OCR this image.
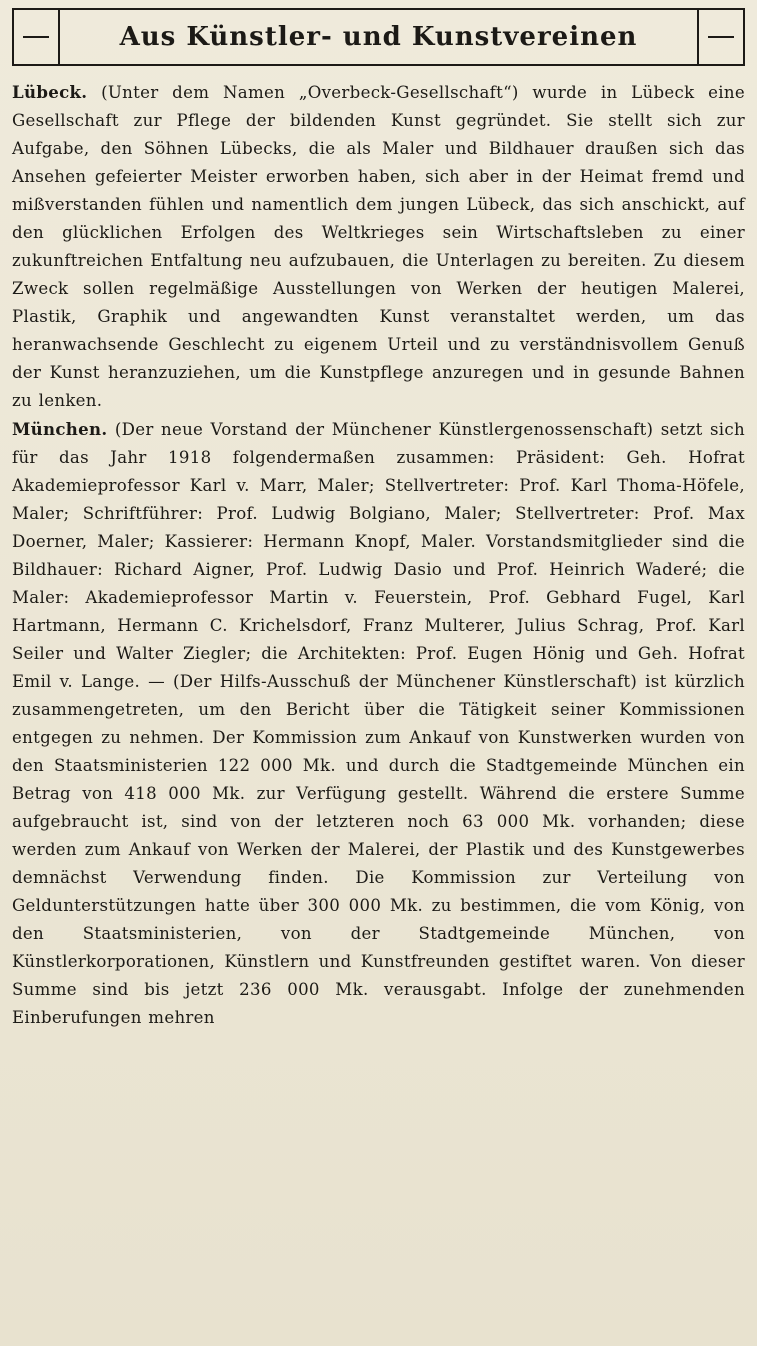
Aus Künstler- und Kunstvereinen

Lübeck. (Unter dem Namen „Overbeck-Gesellschaft“) wurde in Lübeck eine Gesellschaft zur Pflege der bildenden Kunst gegründet. Sie stellt sich zur Aufgabe, den Söhnen Lübecks, die als Maler und Bildhauer draußen sich das Ansehen gefeierter Meister erworben haben, sich aber in der Heimat fremd und mißverstanden fühlen und namentlich dem jungen Lübeck, das sich anschickt, auf den glücklichen Erfolgen des Weltkrieges sein Wirtschaftsleben zu einer zukunftreichen Entfaltung neu aufzubauen, die Unterlagen zu bereiten. Zu diesem Zweck sollen regelmäßige Ausstellungen von Werken der heutigen Malerei, Plastik, Graphik und angewandten Kunst veranstaltet werden, um das heranwachsende Geschlecht zu eigenem Urteil und zu verständnisvollem Genuß der Kunst heranzuziehen, um die Kunstpflege anzuregen und in gesunde Bahnen zu lenken.

München. (Der neue Vorstand der Münchener Künstlergenossenschaft) setzt sich für das Jahr 1918 folgendermaßen zusammen: Präsident: Geh. Hofrat Akademieprofessor Karl v. Marr, Maler; Stellvertreter: Prof. Karl Thoma-Höfele, Maler; Schriftführer: Prof. Ludwig Bolgiano, Maler; Stellvertreter: Prof. Max Doerner, Maler; Kassierer: Hermann Knopf, Maler. Vorstandsmitglieder sind die Bildhauer: Richard Aigner, Prof. Ludwig Dasio und Prof. Heinrich Waderé; die Maler: Akademieprofessor Martin v. Feuerstein, Prof. Gebhard Fugel, Karl Hartmann, Hermann C. Krichelsdorf, Franz Multerer, Julius Schrag, Prof. Karl Seiler und Walter Ziegler; die Architekten: Prof. Eugen Hönig und Geh. Hofrat Emil v. Lange. — (Der Hilfs-Ausschuß der Münchener Künstlerschaft) ist kürzlich zusammengetreten, um den Bericht über die Tätigkeit seiner Kommissionen entgegen zu nehmen. Der Kommission zum Ankauf von Kunstwerken wurden von den Staatsministerien 122 000 Mk. und durch die Stadtgemeinde München ein Betrag von 418 000 Mk. zur Verfügung gestellt. Während die erstere Summe aufgebraucht ist, sind von der letzteren noch 63 000 Mk. vorhanden; diese werden zum Ankauf von Werken der Malerei, der Plastik und des Kunstgewerbes demnächst Verwendung finden. Die Kommission zur Verteilung von Geldunterstützungen hatte über 300 000 Mk. zu bestimmen, die vom König, von den Staatsministerien, von der Stadtgemeinde München, von Künstlerkorporationen, Künstlern und Kunstfreunden gestiftet waren. Von dieser Summe sind bis jetzt 236 000 Mk. verausgabt. Infolge der zunehmenden Einberufungen mehren
